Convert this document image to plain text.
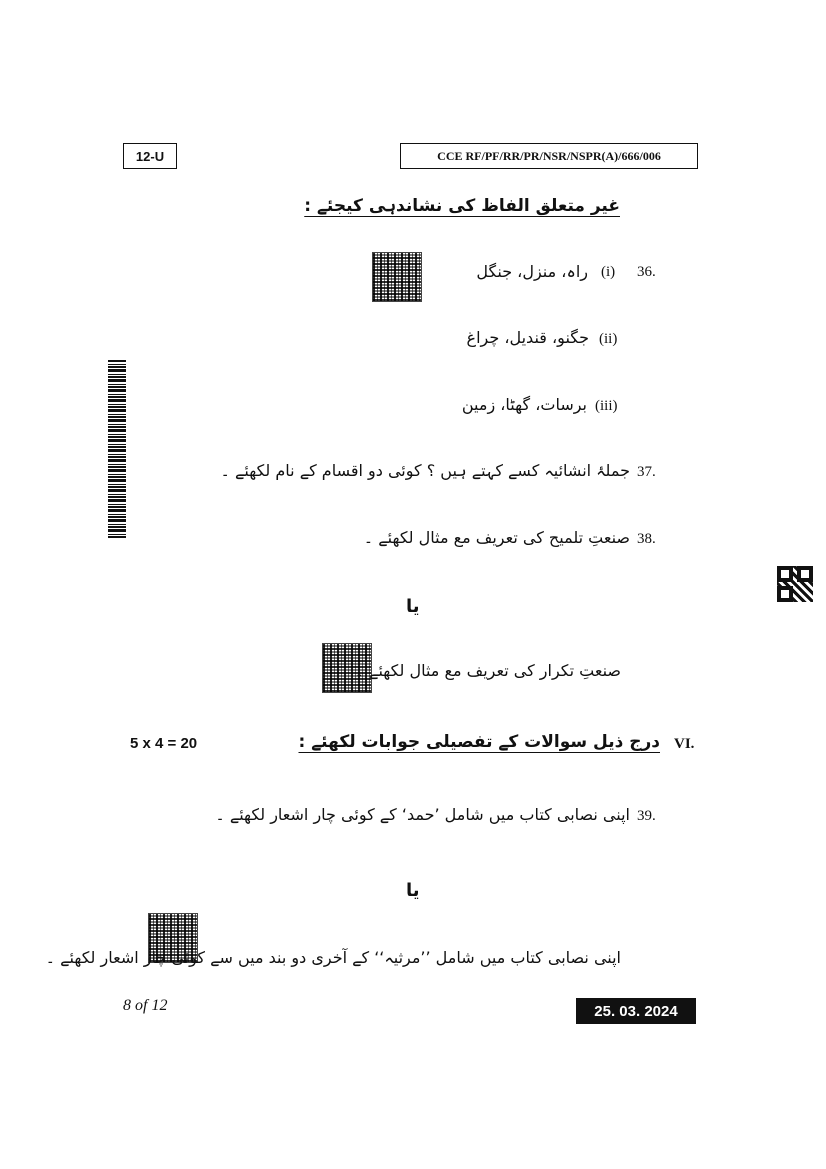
12-U	CCE RF/PF/RR/PR/NSR/NSPR(A)/666/006
غیر متعلق الفاظ کی نشاندہی کیجئے :
36.
(i)
راہ، منزل، جنگل
(ii)
جگنو، قندیل، چراغ
(iii)
برسات، گھٹا، زمین
37.
جملۂ انشائیہ کسے کہتے ہیں ؟ کوئی دو اقسام کے نام لکھئے ۔
38.
صنعتِ تلمیح کی تعریف مع مثال لکھئے ۔
یا
صنعتِ تکرار کی تعریف مع مثال لکھئے ۔
5 x 4 = 20	VI.
درج ذیل سوالات کے تفصیلی جوابات لکھئے :
39.
اپنی نصابی کتاب میں شامل ’حمد‘ کے کوئی چار اشعار لکھئے ۔
یا
اپنی نصابی کتاب میں شامل ’’مرثیہ‘‘ کے آخری دو بند میں سے کوئی چار اشعار لکھئے ۔
8 of 12	25. 03. 2024
